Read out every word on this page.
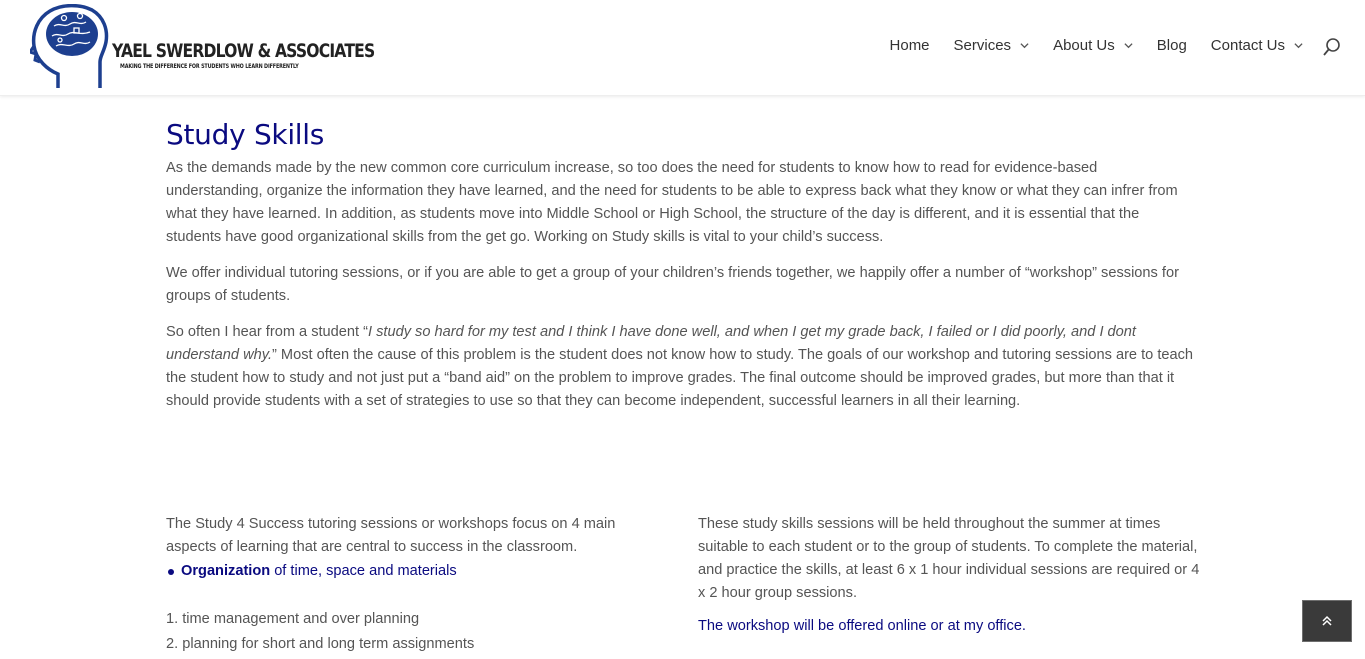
YAEL SWERDLOW & ASSOCIATES
MAKING THE DIFFERENCE FOR STUDENTS WHO LEARN DIFFERENTLY
Home Services	About Us	Blog Contact Us
Study Skills

As the demands made by the new common core curriculum increase, so too does the need for students to know how to read for evidence-based understanding, organize the information they have learned, and the need for students to be able to express back what they know or what they can infrer from what they have learned. In addition, as students move into Middle School or High School, the structure of the day is different, and it is essential that the students have good organizational skills from the get go. Working on Study skills is vital to your child’s success.

We offer individual tutoring sessions, or if you are able to get a group of your children’s friends together, we happily offer a number of “workshop” sessions for groups of students.

So often I hear from a student “I study so hard for my test and I think I have done well, and when I get my grade back, I failed or I did poorly, and I dont understand why.” Most often the cause of this problem is the student does not know how to study. The goals of our workshop and tutoring sessions are to teach the student how to study and not just put a “band aid” on the problem to improve grades. The final outcome should be improved grades, but more than that it should provide students with a set of strategies to use so that they can become independent, successful learners in all their learning.

The Study 4 Success tutoring sessions or workshops focus on 4 main aspects of learning that are central to success in the classroom.

Organization of time, space and materials
1. time management and over planning
2. planning for short and long term assignments

These study skills sessions will be held throughout the summer at times suitable to each student or to the group of students. To complete the material, and practice the skills, at least 6 x 1 hour individual sessions are required or 4 x 2 hour group sessions.

The workshop will be offered online or at my office.
